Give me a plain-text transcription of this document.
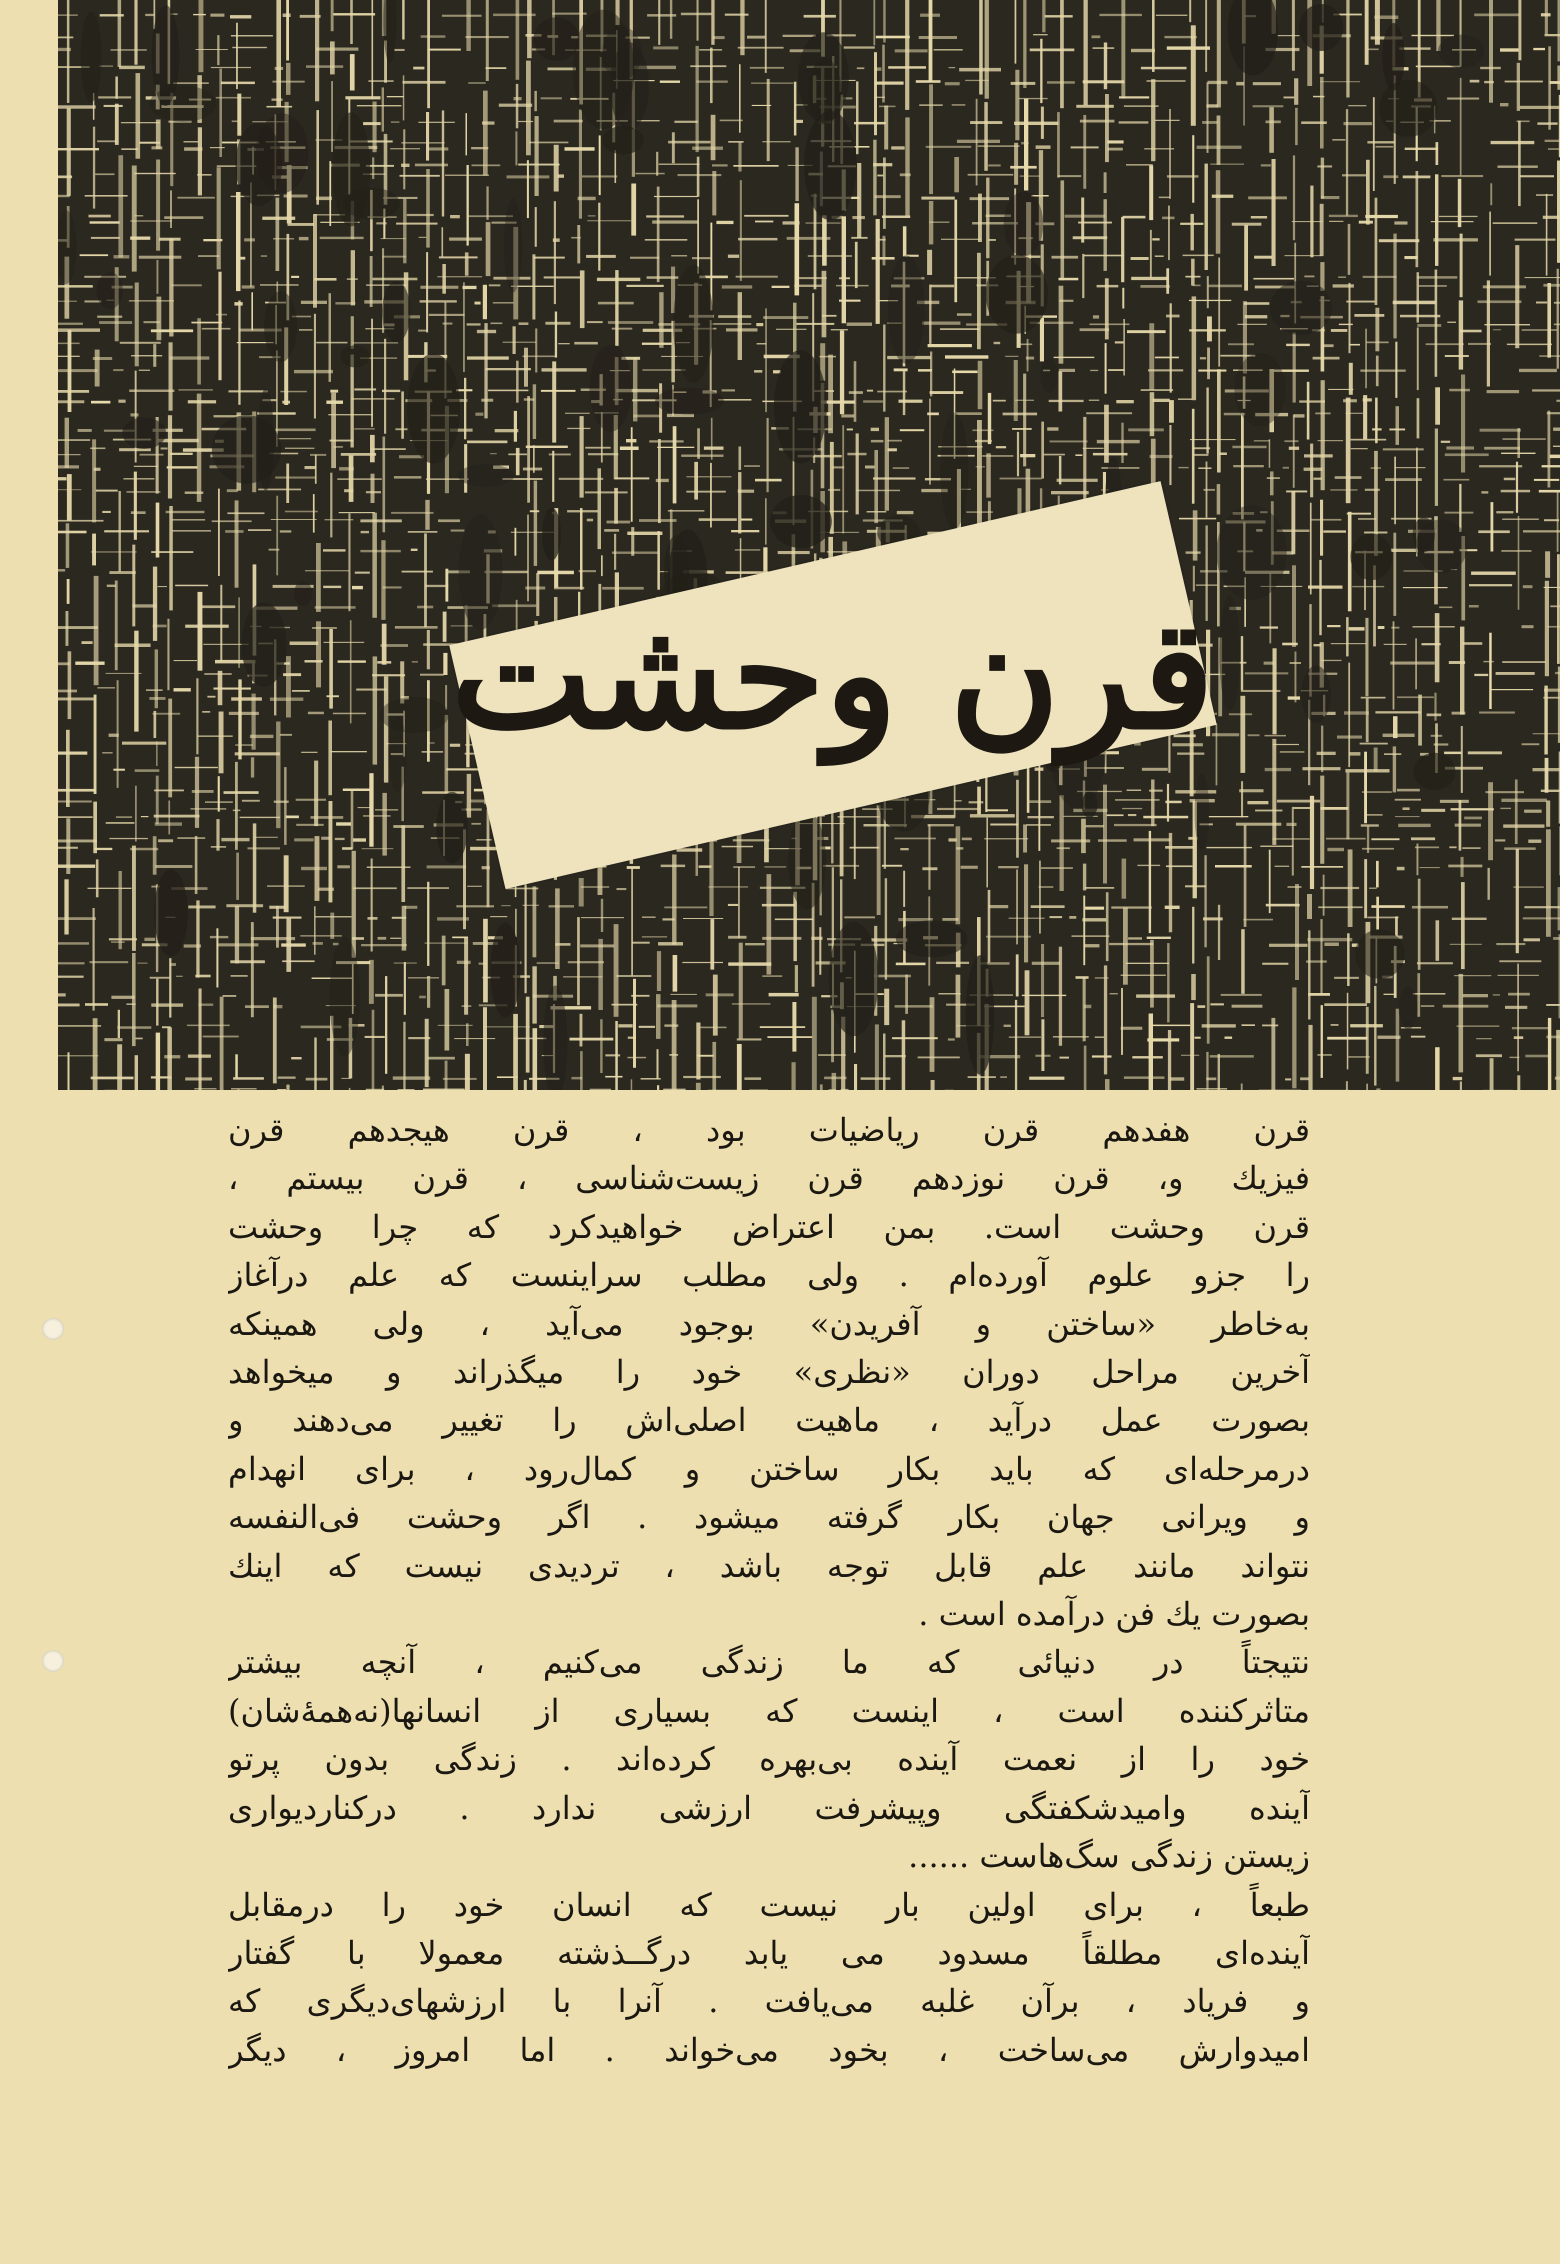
قرن وحشت

قرن هفدهم قرن ریاضیات بود ، قرن هیجدهم قرن
فیزیك و، قرن نوزدهم قرن زیست‌شناسی ، قرن بیستم ،
قرن وحشت است. بمن اعتراض خواهیدکرد که چرا وحشت
را جزو علوم آورده‌ام . ولی مطلب سراینست که علم درآغاز
به‌خاطر «ساختن و آفریدن» بوجود می‌آید ، ولی همینکه
آخرین مراحل دوران «نظری» خود را میگذراند و میخواهد
بصورت عمل درآید ، ماهیت اصلی‌اش را تغییر می‌دهند و
درمرحله‌ای که باید بکار ساختن و کمال‌رود ، برای انهدام
و ویرانی جهان بکار گرفته میشود . اگر وحشت فی‌النفسه
نتواند مانند علم قابل توجه باشد ، تردیدی نیست که اینك
بصورت یك فن درآمده است .

نتیجتاً در دنیائی که ما زندگی می‌کنیم ، آنچه بیشتر
متاثرکننده است ، اینست که بسیاری از انسانها(نه‌همهٔ‌شان)
خود را از نعمت آینده بی‌بهره کرده‌اند . زندگی بدون پرتو
آینده وامیدشکفتگی وپیشرفت ارزشی ندارد . درکناردیواری
زیستن زندگی سگ‌هاست ......

طبعاً ، برای اولین بار نیست که انسان خود را درمقابل
آینده‌ای مطلقاً مسدود می یابد درگــذشته معمولا با گفتار
و فریاد ، برآن غلبه می‌یافت . آنرا با ارزشهای‌دیگری که
امیدوارش می‌ساخت ، بخود می‌خواند . اما امروز ، دیگر
